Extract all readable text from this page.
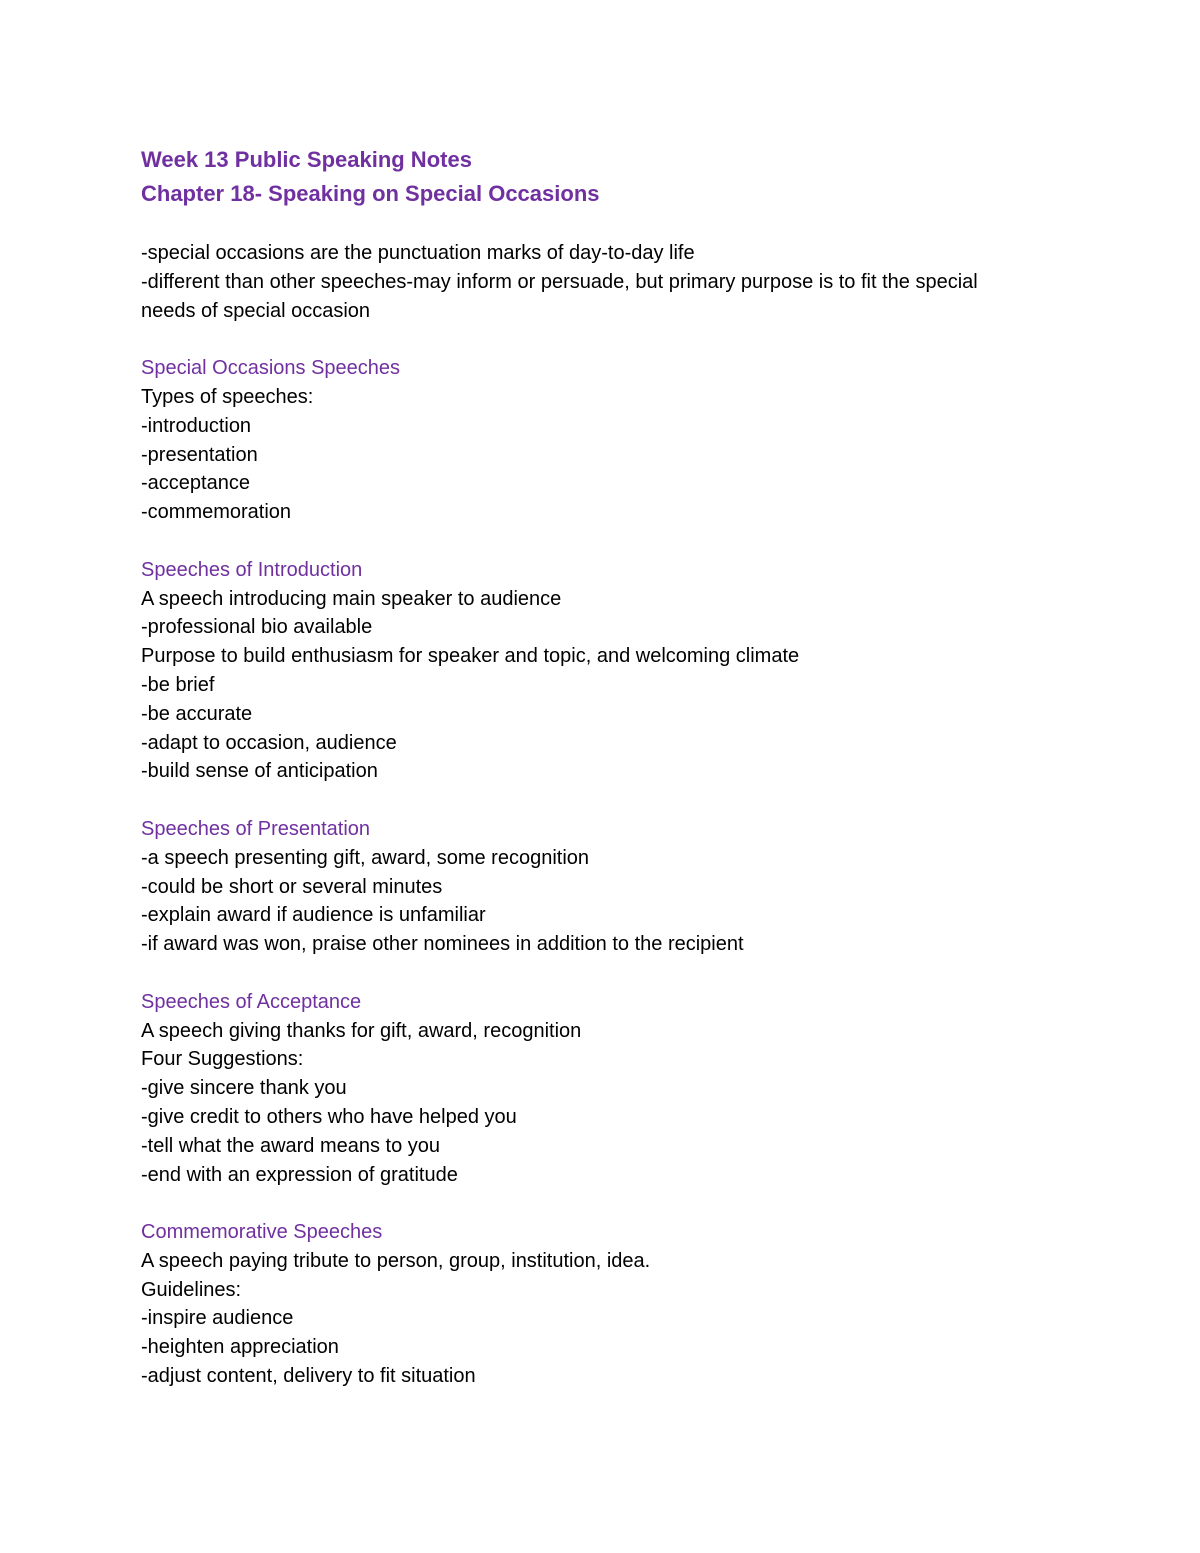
Week 13 Public Speaking Notes
Chapter 18- Speaking on Special Occasions
-special occasions are the punctuation marks of day-to-day life
-different than other speeches-may inform or persuade, but primary purpose is to fit the special
needs of special occasion
Special Occasions Speeches
Types of speeches:
-introduction
-presentation
-acceptance
-commemoration
Speeches of Introduction
A speech introducing main speaker to audience
-professional bio available
Purpose to build enthusiasm for speaker and topic, and welcoming climate
-be brief
-be accurate
-adapt to occasion, audience
-build sense of anticipation
Speeches of Presentation
-a speech presenting gift, award, some recognition
-could be short or several minutes
-explain award if audience is unfamiliar
-if award was won, praise other nominees in addition to the recipient
Speeches of Acceptance
A speech giving thanks for gift, award, recognition
Four Suggestions:
-give sincere thank you
-give credit to others who have helped you
-tell what the award means to you
-end with an expression of gratitude
Commemorative Speeches
A speech paying tribute to person, group, institution, idea.
Guidelines:
-inspire audience
-heighten appreciation
-adjust content, delivery to fit situation
